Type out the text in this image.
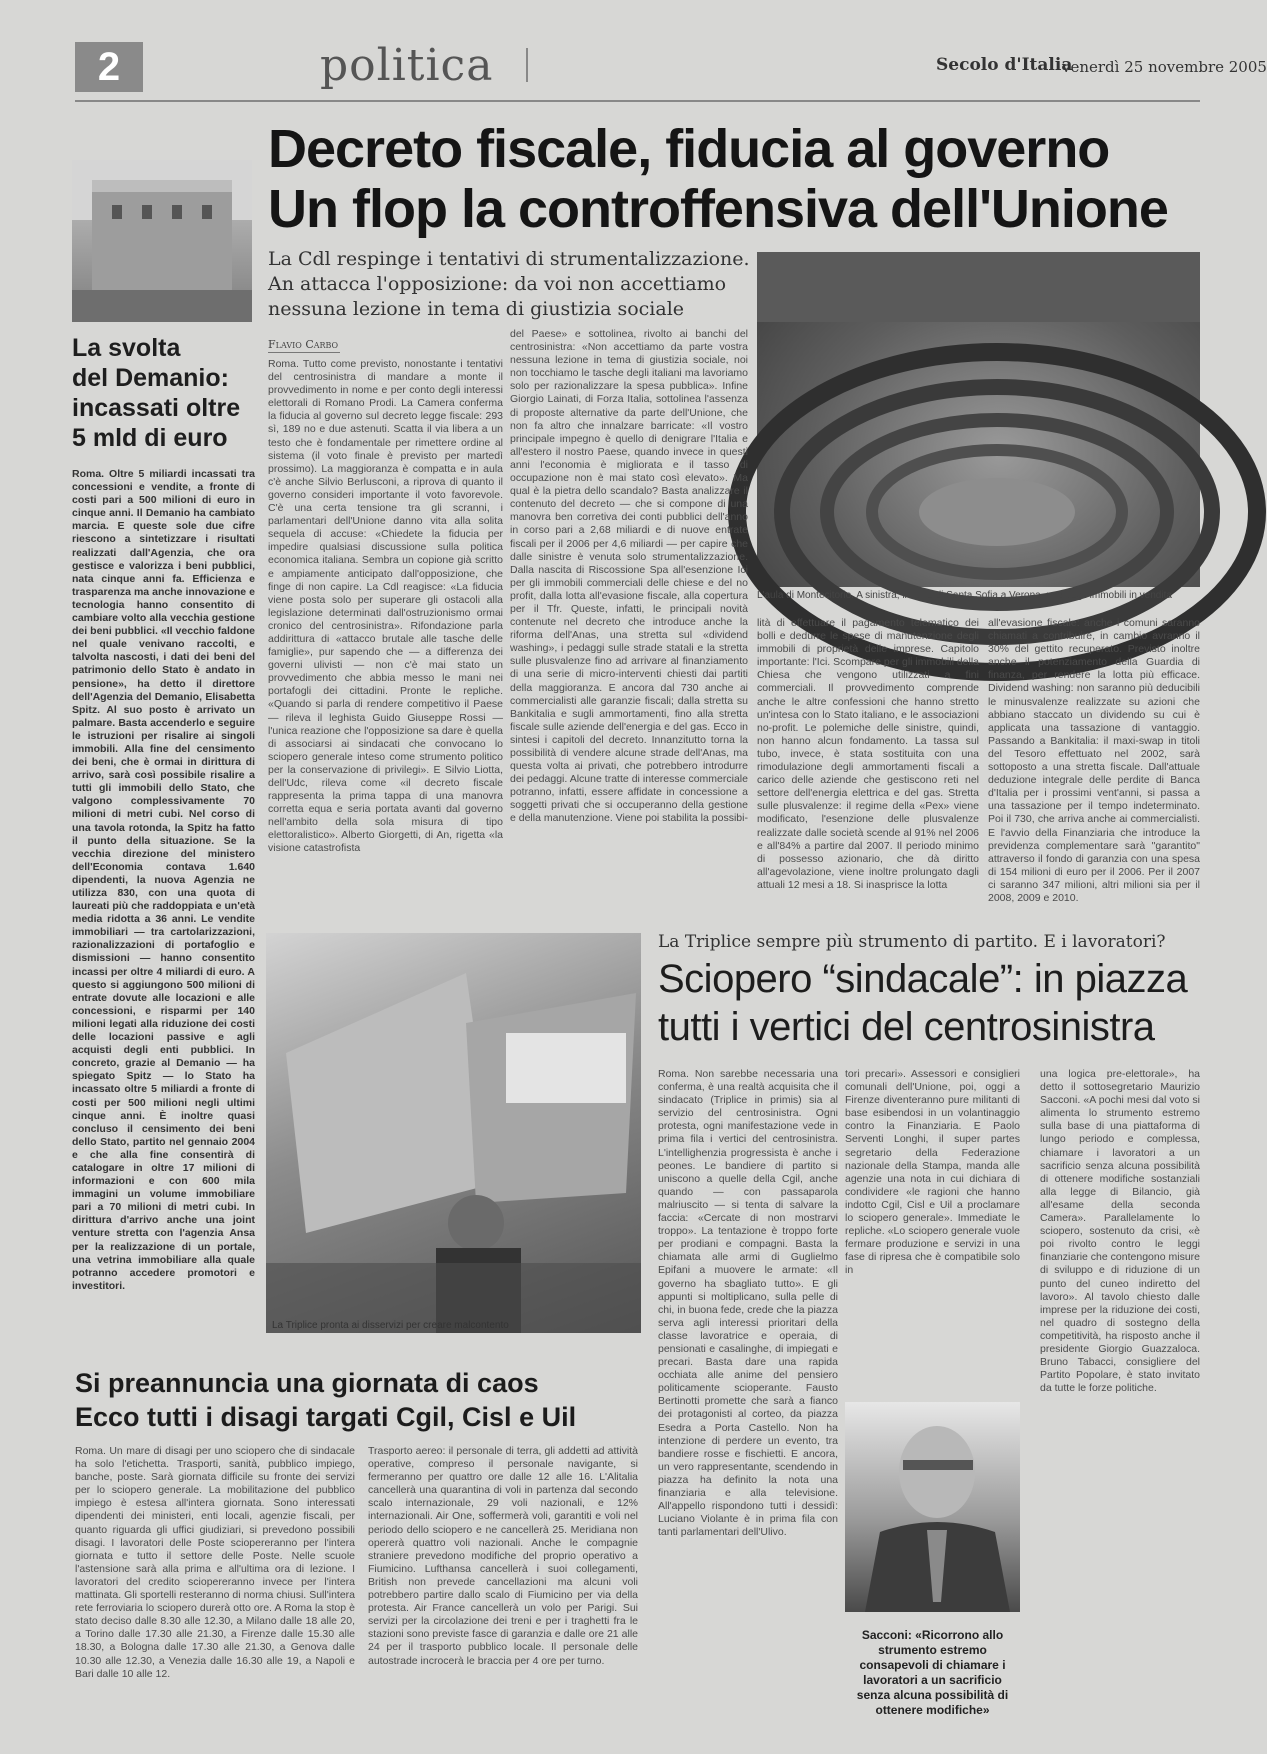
2	politica	Secolo d'Italia
venerdì 25 novembre 2005
Decreto fiscale, fiducia al governo
Un flop la controffensiva dell'Unione
La Cdl respinge i tentativi di strumentalizzazione.
An attacca l'opposizione: da voi non accettiamo
nessuna lezione in tema di giustizia sociale
L'aula di Montecitorio. A sinistra, il Forte di Santa Sofia a Verona, uno degli immobili in vendita
La svolta
del Demanio:
incassati oltre
5 mld di euro
Roma. Oltre 5 miliardi incassati tra concessioni e vendite, a fronte di costi pari a 500 milioni di euro in cinque anni. Il Demanio ha cambiato marcia. E queste sole due cifre riescono a sintetizzare i risultati realizzati dall'Agenzia, che ora gestisce e valorizza i beni pubblici, nata cinque anni fa. Efficienza e trasparenza ma anche innovazione e tecnologia hanno consentito di cambiare volto alla vecchia gestione dei beni pubblici. «Il vecchio faldone nel quale venivano raccolti, e talvolta nascosti, i dati dei beni del patrimonio dello Stato è andato in pensione», ha detto il direttore dell'Agenzia del Demanio, Elisabetta Spitz. Al suo posto è arrivato un palmare. Basta accenderlo e seguire le istruzioni per risalire ai singoli immobili. Alla fine del censimento dei beni, che è ormai in dirittura di arrivo, sarà così possibile risalire a tutti gli immobili dello Stato, che valgono complessivamente 70 milioni di metri cubi. Nel corso di una tavola rotonda, la Spitz ha fatto il punto della situazione. Se la vecchia direzione del ministero dell'Economia contava 1.640 dipendenti, la nuova Agenzia ne utilizza 830, con una quota di laureati più che raddoppiata e un'età media ridotta a 36 anni. Le vendite immobiliari — tra cartolarizzazioni, razionalizzazioni di portafoglio e dismissioni — hanno consentito incassi per oltre 4 miliardi di euro. A questo si aggiungono 500 milioni di entrate dovute alle locazioni e alle concessioni, e risparmi per 140 milioni legati alla riduzione dei costi delle locazioni passive e agli acquisti degli enti pubblici. In concreto, grazie al Demanio — ha spiegato Spitz — lo Stato ha incassato oltre 5 miliardi a fronte di costi per 500 milioni negli ultimi cinque anni. È inoltre quasi concluso il censimento dei beni dello Stato, partito nel gennaio 2004 e che alla fine consentirà di catalogare in oltre 17 milioni di informazioni e con 600 mila immagini un volume immobiliare pari a 70 milioni di metri cubi. In dirittura d'arrivo anche una joint venture stretta con l'agenzia Ansa per la realizzazione di un portale, una vetrina immobiliare alla quale potranno accedere promotori e investitori.
Flavio Carbo
Roma. Tutto come previsto, nonostante i tentativi del centrosinistra di mandare a monte il provvedimento in nome e per conto degli interessi elettorali di Romano Prodi. La Camera conferma la fiducia al governo sul decreto legge fiscale: 293 sì, 189 no e due astenuti. Scatta il via libera a un testo che è fondamentale per rimettere ordine al sistema (il voto finale è previsto per martedì prossimo). La maggioranza è compatta e in aula c'è anche Silvio Berlusconi, a riprova di quanto il governo consideri importante il voto favorevole. C'è una certa tensione tra gli scranni, i parlamentari dell'Unione danno vita alla solita sequela di accuse: «Chiedete la fiducia per impedire qualsiasi discussione sulla politica economica italiana. Sembra un copione già scritto e ampiamente anticipato dall'opposizione, che finge di non capire. La Cdl reagisce: «La fiducia viene posta solo per superare gli ostacoli alla legislazione determinati dall'ostruzionismo ormai cronico del centrosinistra». Rifondazione parla addirittura di «attacco brutale alle tasche delle famiglie», pur sapendo che — a differenza dei governi ulivisti — non c'è mai stato un provvedimento che abbia messo le mani nei portafogli dei cittadini. Pronte le repliche. «Quando si parla di rendere competitivo il Paese — rileva il leghista Guido Giuseppe Rossi — l'unica reazione che l'opposizione sa dare è quella di associarsi ai sindacati che convocano lo sciopero generale inteso come strumento politico per la conservazione di privilegi». E Silvio Liotta, dell'Udc, rileva come «il decreto fiscale rappresenta la prima tappa di una manovra corretta equa e seria portata avanti dal governo nell'ambito della sola misura di tipo elettoralistico». Alberto Giorgetti, di An, rigetta «la visione catastrofista
del Paese» e sottolinea, rivolto ai banchi del centrosinistra: «Non accettiamo da parte vostra nessuna lezione in tema di giustizia sociale, noi non tocchiamo le tasche degli italiani ma lavoriamo solo per razionalizzare la spesa pubblica». Infine Giorgio Lainati, di Forza Italia, sottolinea l'assenza di proposte alternative da parte dell'Unione, che non fa altro che innalzare barricate: «Il vostro principale impegno è quello di denigrare l'Italia e all'estero il nostro Paese, quando invece in questi anni l'economia è migliorata e il tasso di occupazione non è mai stato così elevato». Ma qual è la pietra dello scandalo? Basta analizzare il contenuto del decreto — che si compone di una manovra ben corretiva dei conti pubblici dell'anno in corso pari a 2,68 miliardi e di nuove entrate fiscali per il 2006 per 4,6 miliardi — per capire che dalle sinistre è venuta solo strumentalizzazione. Dalla nascita di Riscossione Spa all'esenzione Ici per gli immobili commerciali delle chiese e del no profit, dalla lotta all'evasione fiscale, alla copertura per il Tfr. Queste, infatti, le principali novità contenute nel decreto che introduce anche la riforma dell'Anas, una stretta sul «dividend washing», i pedaggi sulle strade statali e la stretta sulle plusvalenze fino ad arrivare al finanziamento di una serie di micro-interventi chiesti dai partiti della maggioranza. E ancora dal 730 anche ai commercialisti alle garanzie fiscali; dalla stretta su Bankitalia e sugli ammortamenti, fino alla stretta fiscale sulle aziende dell'energia e del gas. Ecco in sintesi i capitoli del decreto. Innanzitutto torna la possibilità di vendere alcune strade dell'Anas, ma questa volta ai privati, che potrebbero introdurre dei pedaggi. Alcune tratte di interesse commerciale potranno, infatti, essere affidate in concessione a soggetti privati che si occuperanno della gestione e della manutenzione. Viene poi stabilita la possibi-
lità di effettuare il pagamento telematico dei bolli e dedurre le spese di manutenzione degli immobili di proprietà delle imprese. Capitolo importante: l'Ici. Scompare per gli immobili della Chiesa che vengono utilizzati a fini commerciali. Il provvedimento comprende anche le altre confessioni che hanno stretto un'intesa con lo Stato italiano, e le associazioni no-profit. Le polemiche delle sinistre, quindi, non hanno alcun fondamento. La tassa sul tubo, invece, è stata sostituita con una rimodulazione degli ammortamenti fiscali a carico delle aziende che gestiscono reti nel settore dell'energia elettrica e del gas. Stretta sulle plusvalenze: il regime della «Pex» viene modificato, l'esenzione delle plusvalenze realizzate dalle società scende al 91% nel 2006 e all'84% a partire dal 2007. Il periodo minimo di possesso azionario, che dà diritto all'agevolazione, viene inoltre prolungato dagli attuali 12 mesi a 18. Si inasprisce la lotta
all'evasione fiscale: anche i comuni saranno chiamati a contribuire, in cambio avranno il 30% del gettito recuperato. Previsto inoltre anche il potenziamento della Guardia di finanza, per rendere la lotta più efficace. Dividend washing: non saranno più deducibili le minusvalenze realizzate su azioni che abbiano staccato un dividendo su cui è applicata una tassazione di vantaggio. Passando a Bankitalia: il maxi-swap in titoli del Tesoro effettuato nel 2002, sarà sottoposto a una stretta fiscale. Dall'attuale deduzione integrale delle perdite di Banca d'Italia per i prossimi vent'anni, si passa a una tassazione per il tempo indeterminato. Poi il 730, che arriva anche ai commercialisti. E l'avvio della Finanziaria che introduce la previdenza complementare sarà "garantito" attraverso il fondo di garanzia con una spesa di 154 milioni di euro per il 2006. Per il 2007 ci saranno 347 milioni, altri milioni sia per il 2008, 2009 e 2010.
La Triplice pronta ai disservizi per creare malcontento
La Triplice sempre più strumento di partito. E i lavoratori?
Sciopero “sindacale”: in piazza
tutti i vertici del centrosinistra
Roma. Non sarebbe necessaria una conferma, è una realtà acquisita che il sindacato (Triplice in primis) sia al servizio del centrosinistra. Ogni protesta, ogni manifestazione vede in prima fila i vertici del centrosinistra. L'intellighenzia progressista è anche i peones. Le bandiere di partito si uniscono a quelle della Cgil, anche quando — con passaparola malriuscito — si tenta di salvare la faccia: «Cercate di non mostrarvi troppo». La tentazione è troppo forte per prodiani e compagni. Basta la chiamata alle armi di Guglielmo Epifani a muovere le armate: «Il governo ha sbagliato tutto». E gli appunti si moltiplicano, sulla pelle di chi, in buona fede, crede che la piazza serva agli interessi prioritari della classe lavoratrice e operaia, di pensionati e casalinghe, di impiegati e precari. Basta dare una rapida occhiata alle anime del pensiero politicamente scioperante. Fausto Bertinotti promette che sarà a fianco dei protagonisti al corteo, da piazza Esedra a Porta Castello. Non ha intenzione di perdere un evento, tra bandiere rosse e fischietti. E ancora, un vero rappresentante, scendendo in piazza ha definito la nota una finanziaria e alla televisione. All'appello rispondono tutti i dessidì: Luciano Violante è in prima fila con tanti parlamentari dell'Ulivo.
tori precari». Assessori e consiglieri comunali dell'Unione, poi, oggi a Firenze diventeranno pure militanti di base esibendosi in un volantinaggio contro la Finanziaria. E Paolo Serventi Longhi, il super partes segretario della Federazione nazionale della Stampa, manda alle agenzie una nota in cui dichiara di condividere «le ragioni che hanno indotto Cgil, Cisl e Uil a proclamare lo sciopero generale». Immediate le repliche. «Lo sciopero generale vuole fermare produzione e servizi in una fase di ripresa che è compatibile solo in
una logica pre-elettorale», ha detto il sottosegretario Maurizio Sacconi. «A pochi mesi dal voto si alimenta lo strumento estremo sulla base di una piattaforma di lungo periodo e complessa, chiamare i lavoratori a un sacrificio senza alcuna possibilità di ottenere modifiche sostanziali alla legge di Bilancio, già all'esame della seconda Camera». Parallelamente lo sciopero, sostenuto da crisi, «è poi rivolto contro le leggi finanziarie che contengono misure di sviluppo e di riduzione di un punto del cuneo indiretto del lavoro». Al tavolo chiesto dalle imprese per la riduzione dei costi, nel quadro di sostegno della competitività, ha risposto anche il presidente Giorgio Guazzaloca. Bruno Tabacci, consigliere del Partito Popolare, è stato invitato da tutte le forze politiche.
Sacconi: «Ricorrono allo strumento estremo consapevoli di chiamare i lavoratori a un sacrificio senza alcuna possibilità di ottenere modifiche»
Si preannuncia una giornata di caos
Ecco tutti i disagi targati Cgil, Cisl e Uil
Roma. Un mare di disagi per uno sciopero che di sindacale ha solo l'etichetta. Trasporti, sanità, pubblico impiego, banche, poste. Sarà giornata difficile su fronte dei servizi per lo sciopero generale. La mobilitazione del pubblico impiego è estesa all'intera giornata. Sono interessati dipendenti dei ministeri, enti locali, agenzie fiscali, per quanto riguarda gli uffici giudiziari, si prevedono possibili disagi. I lavoratori delle Poste sciopereranno per l'intera giornata e tutto il settore delle Poste. Nelle scuole l'astensione sarà alla prima e all'ultima ora di lezione. I lavoratori del credito sciopereranno invece per l'intera mattinata. Gli sportelli resteranno di norma chiusi. Sull'intera rete ferroviaria lo sciopero durerà otto ore. A Roma la stop è stato deciso dalle 8.30 alle 12.30, a Milano dalle 18 alle 20, a Torino dalle 17.30 alle 21.30, a Firenze dalle 15.30 alle 18.30, a Bologna dalle 17.30 alle 21.30, a Genova dalle 10.30 alle 12.30, a Venezia dalle 16.30 alle 19, a Napoli e Bari dalle 10 alle 12.
Trasporto aereo: il personale di terra, gli addetti ad attività operative, compreso il personale navigante, si fermeranno per quattro ore dalle 12 alle 16. L'Alitalia cancellerà una quarantina di voli in partenza dal secondo scalo internazionale, 29 voli nazionali, e 12% internazionali. Air One, soffermerà voli, garantiti e voli nel periodo dello sciopero e ne cancellerà 25. Meridiana non opererà quattro voli nazionali. Anche le compagnie straniere prevedono modifiche del proprio operativo a Fiumicino. Lufthansa cancellerà i suoi collegamenti, British non prevede cancellazioni ma alcuni voli potrebbero partire dallo scalo di Fiumicino per via della protesta. Air France cancellerà un volo per Parigi. Sui servizi per la circolazione dei treni e per i traghetti fra le stazioni sono previste fasce di garanzia e dalle ore 21 alle 24 per il trasporto pubblico locale. Il personale delle autostrade incrocerà le braccia per 4 ore per turno.
